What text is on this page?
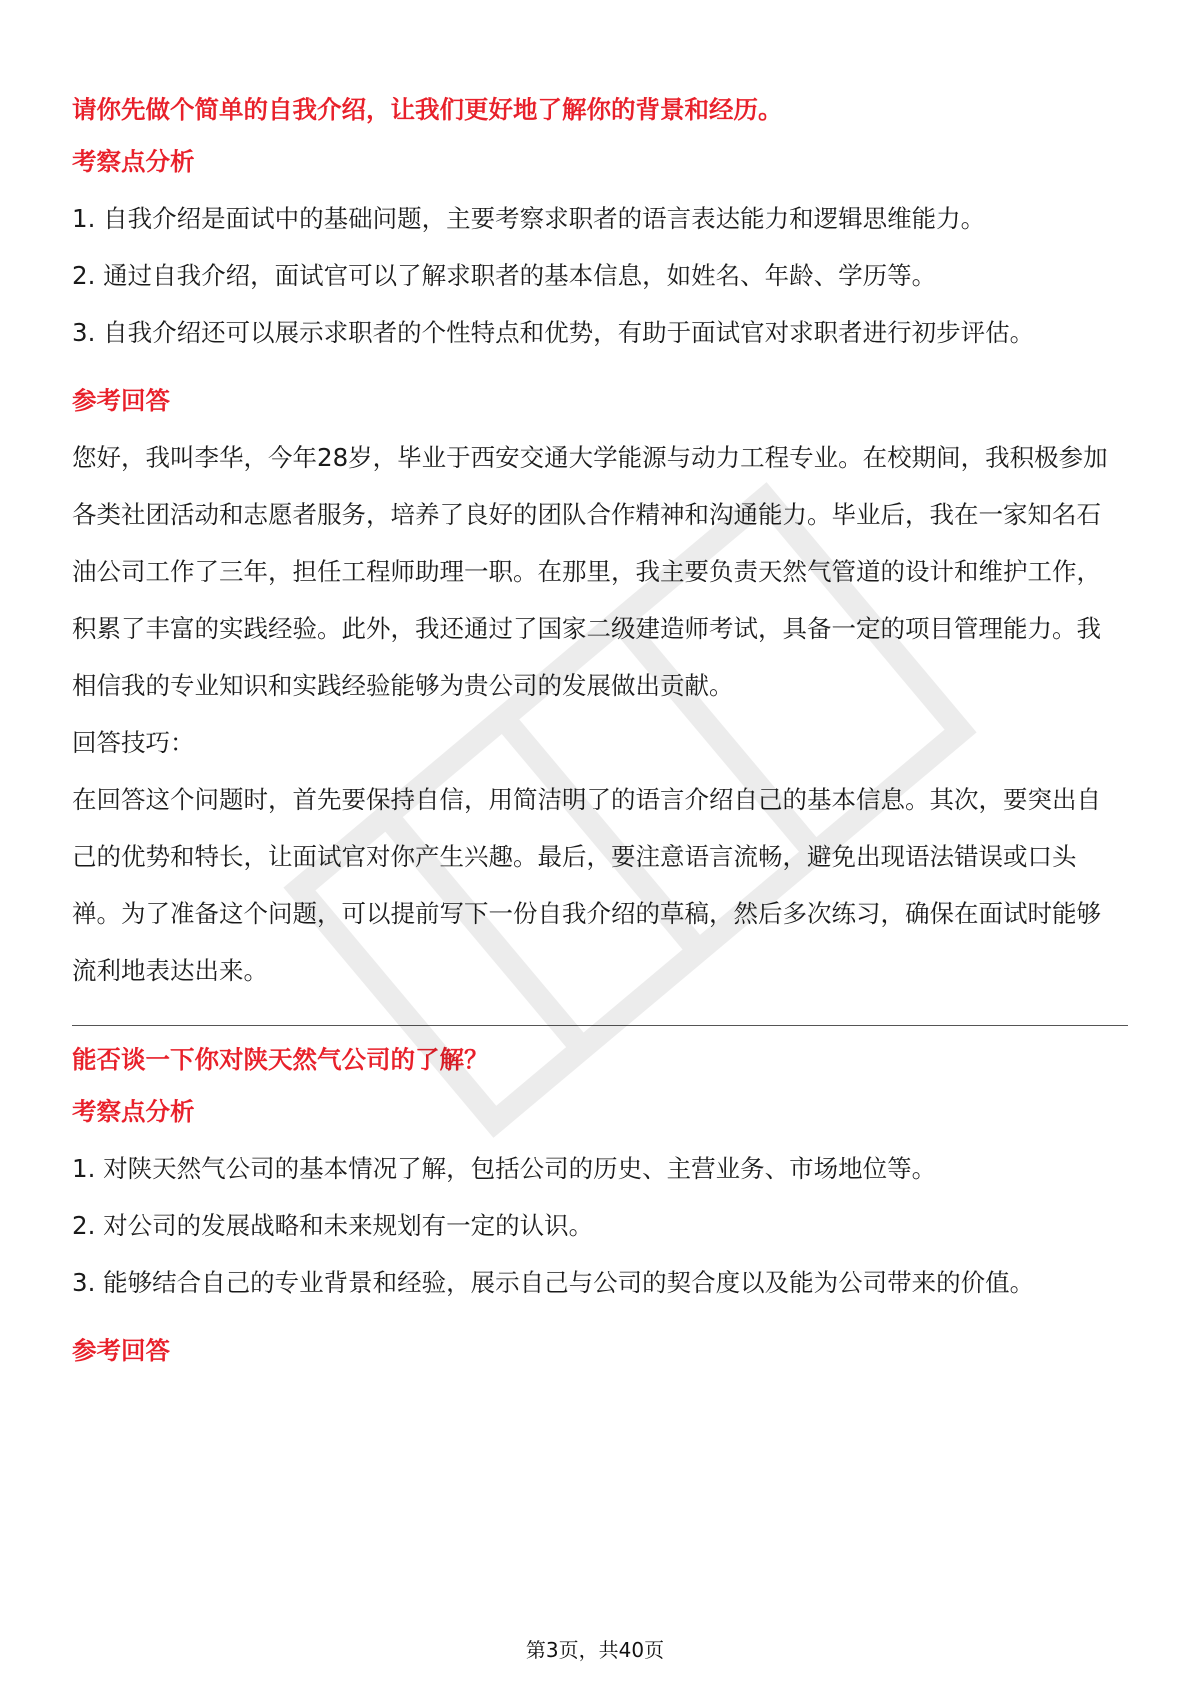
请你先做个简单的自我介绍，让我们更好地了解你的背景和经历。
考察点分析

1. 自我介绍是面试中的基础问题，主要考察求职者的语言表达能力和逻辑思维能力。

2. 通过自我介绍，面试官可以了解求职者的基本信息，如姓名、年龄、学历等。

3. 自我介绍还可以展示求职者的个性特点和优势，有助于面试官对求职者进行初步评估。

参考回答

您好，我叫李华，今年28岁，毕业于西安交通大学能源与动力工程专业。在校期间，我积极参加各类社团活动和志愿者服务，培养了良好的团队合作精神和沟通能力。毕业后，我在一家知名石油公司工作了三年，担任工程师助理一职。在那里，我主要负责天然气管道的设计和维护工作，积累了丰富的实践经验。此外，我还通过了国家二级建造师考试，具备一定的项目管理能力。我相信我的专业知识和实践经验能够为贵公司的发展做出贡献。

回答技巧：

在回答这个问题时，首先要保持自信，用简洁明了的语言介绍自己的基本信息。其次，要突出自己的优势和特长，让面试官对你产生兴趣。最后，要注意语言流畅，避免出现语法错误或口头禅。为了准备这个问题，可以提前写下一份自我介绍的草稿，然后多次练习，确保在面试时能够流利地表达出来。

能否谈一下你对陕天然气公司的了解？
考察点分析

1. 对陕天然气公司的基本情况了解，包括公司的历史、主营业务、市场地位等。

2. 对公司的发展战略和未来规划有一定的认识。

3. 能够结合自己的专业背景和经验，展示自己与公司的契合度以及能为公司带来的价值。

参考回答
第3页，共40页
